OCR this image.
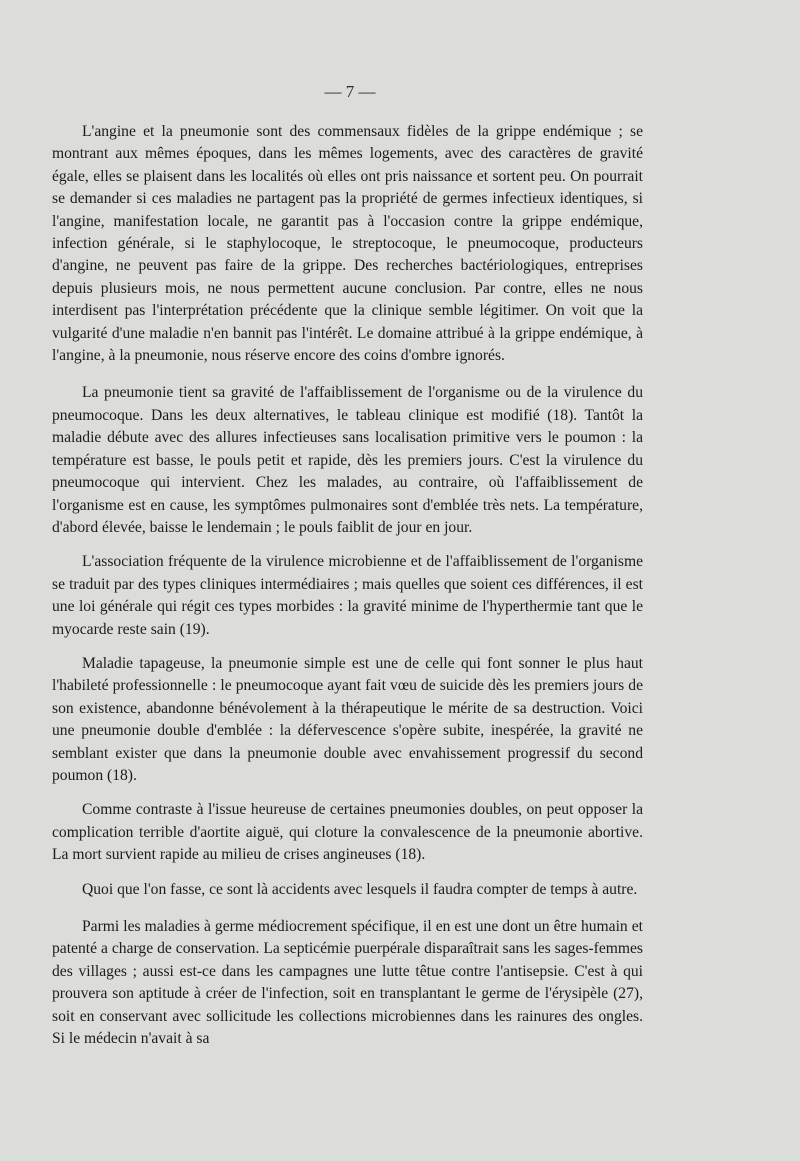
— 7 —

L'angine et la pneumonie sont des commensaux fidèles de la grippe endémique ; se montrant aux mêmes époques, dans les mêmes logements, avec des caractères de gravité égale, elles se plaisent dans les localités où elles ont pris naissance et sortent peu. On pourrait se demander si ces maladies ne partagent pas la propriété de germes infectieux identiques, si l'angine, manifestation locale, ne garantit pas à l'occasion contre la grippe endémique, infection générale, si le staphylocoque, le streptocoque, le pneumocoque, producteurs d'angine, ne peuvent pas faire de la grippe. Des recherches bactériologiques, entreprises depuis plusieurs mois, ne nous permettent aucune conclusion. Par contre, elles ne nous interdisent pas l'interprétation précédente que la clinique semble légitimer. On voit que la vulgarité d'une maladie n'en bannit pas l'intérêt. Le domaine attribué à la grippe endémique, à l'angine, à la pneumonie, nous réserve encore des coins d'ombre ignorés.

La pneumonie tient sa gravité de l'affaiblissement de l'organisme ou de la virulence du pneumocoque. Dans les deux alternatives, le tableau clinique est modifié (18). Tantôt la maladie débute avec des allures infectieuses sans localisation primitive vers le poumon : la température est basse, le pouls petit et rapide, dès les premiers jours. C'est la virulence du pneumocoque qui intervient. Chez les malades, au contraire, où l'affaiblissement de l'organisme est en cause, les symptômes pulmonaires sont d'emblée très nets. La température, d'abord élevée, baisse le lendemain ; le pouls faiblit de jour en jour.

L'association fréquente de la virulence microbienne et de l'affaiblissement de l'organisme se traduit par des types cliniques intermédiaires ; mais quelles que soient ces différences, il est une loi générale qui régit ces types morbides : la gravité minime de l'hyperthermie tant que le myocarde reste sain (19).

Maladie tapageuse, la pneumonie simple est une de celle qui font sonner le plus haut l'habileté professionnelle : le pneumocoque ayant fait vœu de suicide dès les premiers jours de son existence, abandonne bénévolement à la thérapeutique le mérite de sa destruction. Voici une pneumonie double d'emblée : la défervescence s'opère subite, inespérée, la gravité ne semblant exister que dans la pneumonie double avec envahissement progressif du second poumon (18).

Comme contraste à l'issue heureuse de certaines pneumonies doubles, on peut opposer la complication terrible d'aortite aiguë, qui cloture la convalescence de la pneumonie abortive. La mort survient rapide au milieu de crises angineuses (18).

Quoi que l'on fasse, ce sont là accidents avec lesquels il faudra compter de temps à autre.

Parmi les maladies à germe médiocrement spécifique, il en est une dont un être humain et patenté a charge de conservation. La septicémie puerpérale disparaîtrait sans les sages-femmes des villages ; aussi est-ce dans les campagnes une lutte têtue contre l'antisepsie. C'est à qui prouvera son aptitude à créer de l'infection, soit en transplantant le germe de l'érysipèle (27), soit en conservant avec sollicitude les collections microbiennes dans les rainures des ongles. Si le médecin n'avait à sa
